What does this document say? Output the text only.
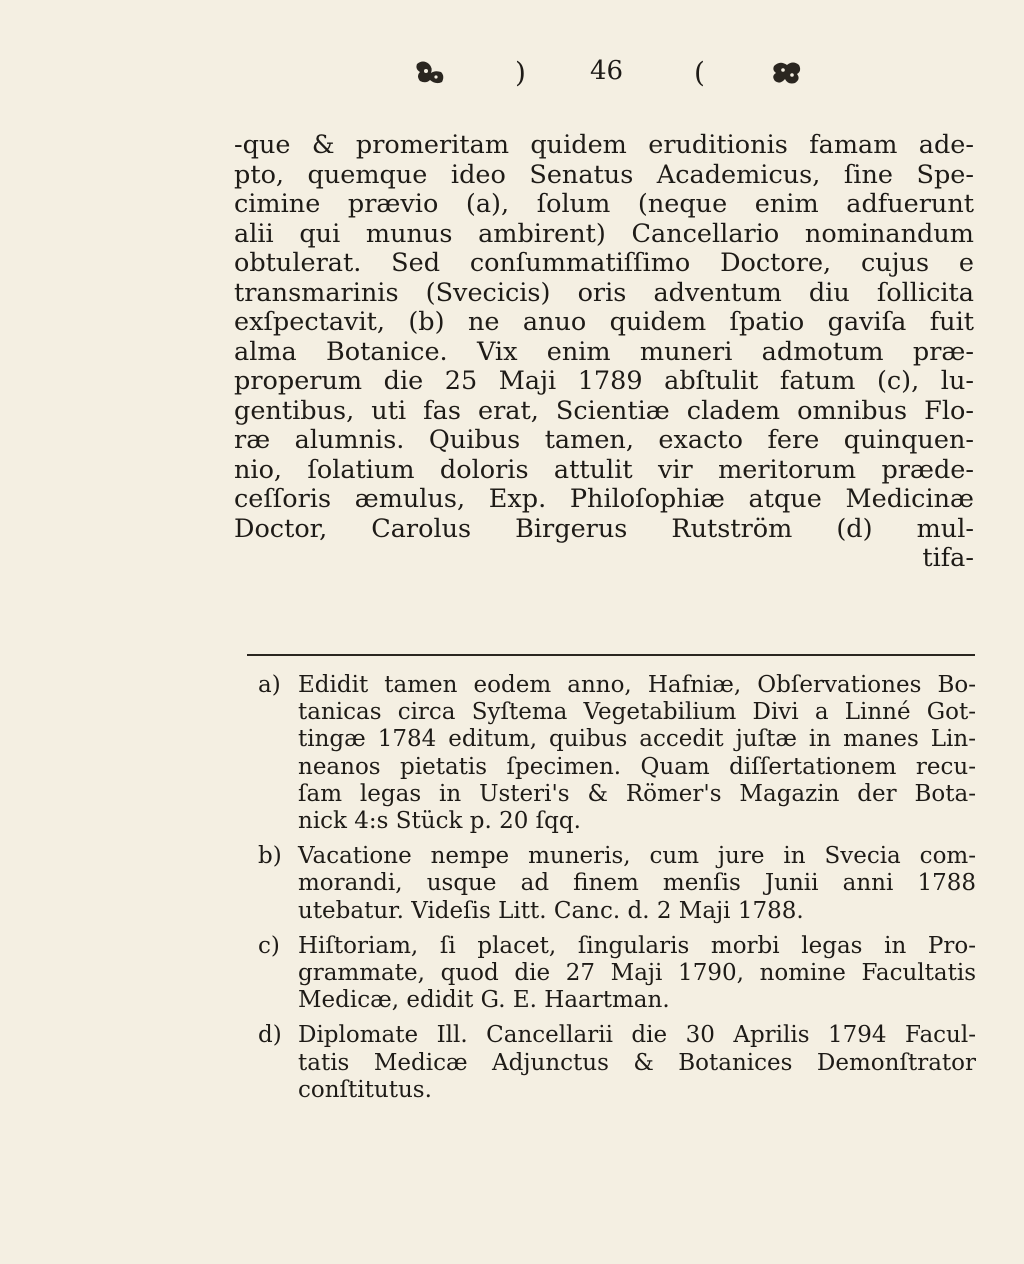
) 46	(
-que & promeritam quidem eruditionis famam ade-
pto, quemque ideo Senatus Academicus, ſine Spe-
cimine prævio (a), ſolum (neque enim adfuerunt
alii qui munus ambirent) Cancellario nominandum
obtulerat. Sed conſummatiſſimo Doctore, cujus e
transmarinis (Svecicis) oris adventum diu ſollicita
exſpectavit, (b) ne anuo quidem ſpatio gaviſa fuit
alma Botanice. Vix enim muneri admotum præ-
properum die 25 Maji 1789 abſtulit fatum (c), lu-
gentibus, uti fas erat, Scientiæ cladem omnibus Flo-
ræ alumnis. Quibus tamen, exacto fere quinquen-
nio, ſolatium doloris attulit vir meritorum præde-
ceſſoris æmulus, Exp. Philoſophiæ atque Medicinæ
Doctor, Carolus Birgerus Rutström (d) mul-
tifa-
a) Edidit tamen eodem anno, Hafniæ, Obſervationes Bo-
tanicas circa Syſtema Vegetabilium Divi a Linné Got-
tingæ 1784 editum, quibus accedit juſtæ in manes Lin-
neanos pietatis ſpecimen. Quam diſſertationem recu-
ſam legas in Usteri's & Römer's Magazin der Bota-
nick 4:s Stück p. 20 ſqq.
b) Vacatione nempe muneris, cum jure in Svecia com-
morandi, usque ad finem menſis Junii anni 1788
utebatur. Videſis Litt. Canc. d. 2 Maji 1788.
c) Hiſtoriam, ſi placet, ſingularis morbi legas in Pro-
grammate, quod die 27 Maji 1790, nomine Facultatis
Medicæ, edidit G. E. Haartman.
d) Diplomate Ill. Cancellarii die 30 Aprilis 1794 Facul-
tatis Medicæ Adjunctus & Botanices Demonſtrator
conſtitutus.
